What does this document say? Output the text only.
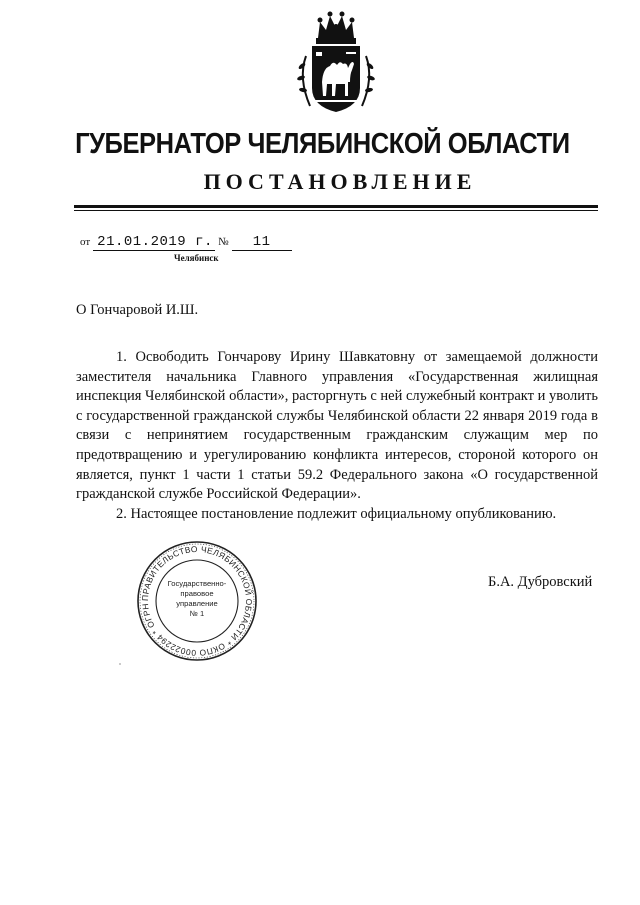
ГУБЕРНАТОР ЧЕЛЯБИНСКОЙ ОБЛАСТИ
ПОСТАНОВЛЕНИЕ
от 21.01.2019 г. № 11
Челябинск
О Гончаровой И.Ш.

1. Освободить Гончарову Ирину Шавкатовну от замещаемой должности заместителя начальника Главного управления «Государственная жилищная инспекция Челябинской области», расторгнуть с ней служебный контракт и уволить с государственной гражданской службы Челябинской области 22 января 2019 года в связи с непринятием государственным гражданским служащим мер по предотвращению и урегулированию конфликта интересов, стороной которого он является, пункт 1 части 1 статьи 59.2 Федерального закона «О государственной гражданской службе Российской Федерации».

2. Настоящее постановление подлежит официальному опубликованию.

ПРАВИТЕЛЬСТВО ЧЕЛЯБИНСКОЙ ОБЛАСТИ * ОКПО 00022294 * ОГРН
Государственно-
правовое
управление
№ 1
Б.А. Дубровский
